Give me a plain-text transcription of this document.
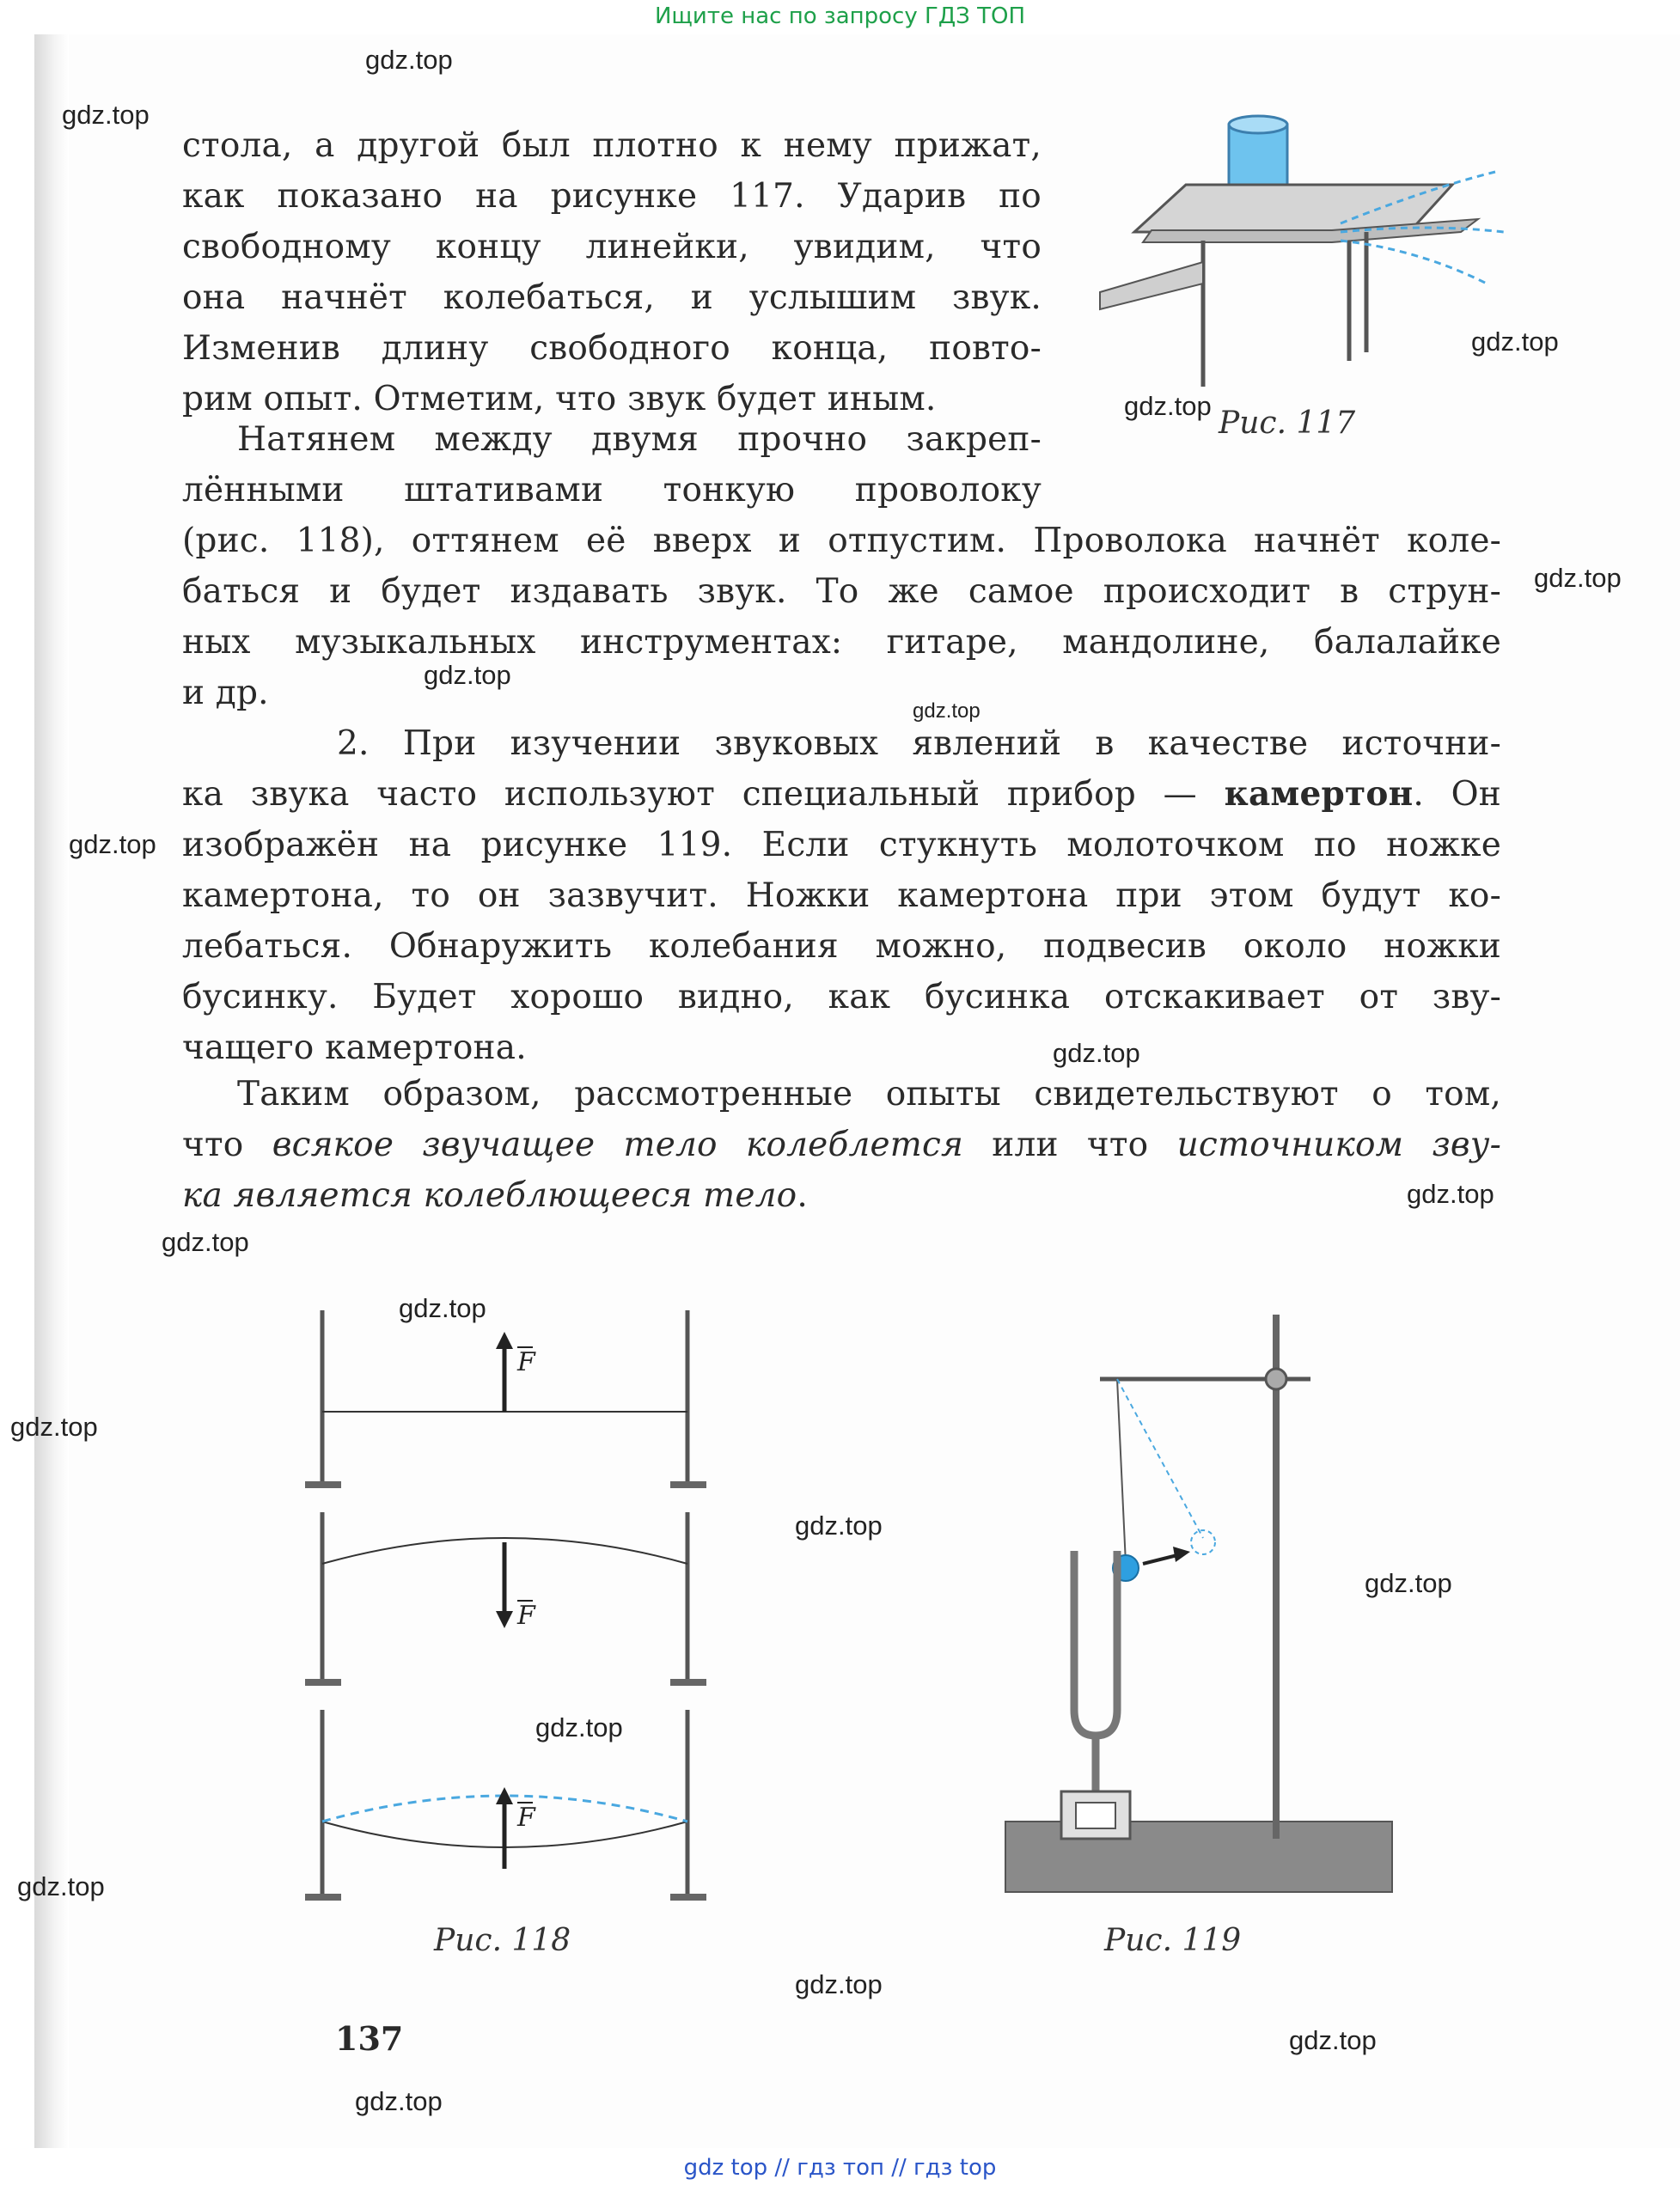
Ищите нас по запросу ГДЗ ТОП
стола, а другой был плотно к нему прижат,
как показано на рисунке 117. Ударив по
свободному концу линейки, увидим, что
она начнёт колебаться, и услышим звук.
Изменив длину свободного конца, повто-
рим опыт. Отметим, что звук будет иным.
Натянем между двумя прочно закреп-
лёнными штативами тонкую проволоку
(рис. 118), оттянем её вверх и отпустим. Проволока начнёт коле-
баться и будет издавать звук. То же самое происходит в струн-
ных музыкальных инструментах: гитаре, мандолине, балалайке
и др.
2. При изучении звуковых явлений в качестве источни-
ка звука часто используют специальный прибор — камертон. Он
изображён на рисунке 119. Если стукнуть молоточком по ножке
камертона, то он зазвучит. Ножки камертона при этом будут ко-
лебаться. Обнаружить колебания можно, подвесив около ножки
бусинку. Будет хорошо видно, как бусинка отскакивает от зву-
чащего камертона.
Таким образом, рассмотренные опыты свидетельствуют о том,
что всякое звучащее тело колеблется или что источником зву-
ка является колеблющееся тело.
Рис. 117
F
F
F
Рис. 118	Рис. 119
137
gdz.top
gdz.top
gdz.top
gdz.top
gdz.top
gdz.top
gdz.top
gdz.top
gdz.top
gdz.top
gdz.top
gdz.top
gdz.top
gdz.top
gdz.top
gdz.top
gdz.top
gdz.top
gdz.top
gdz.top
gdz top // гдз топ // гдз top
